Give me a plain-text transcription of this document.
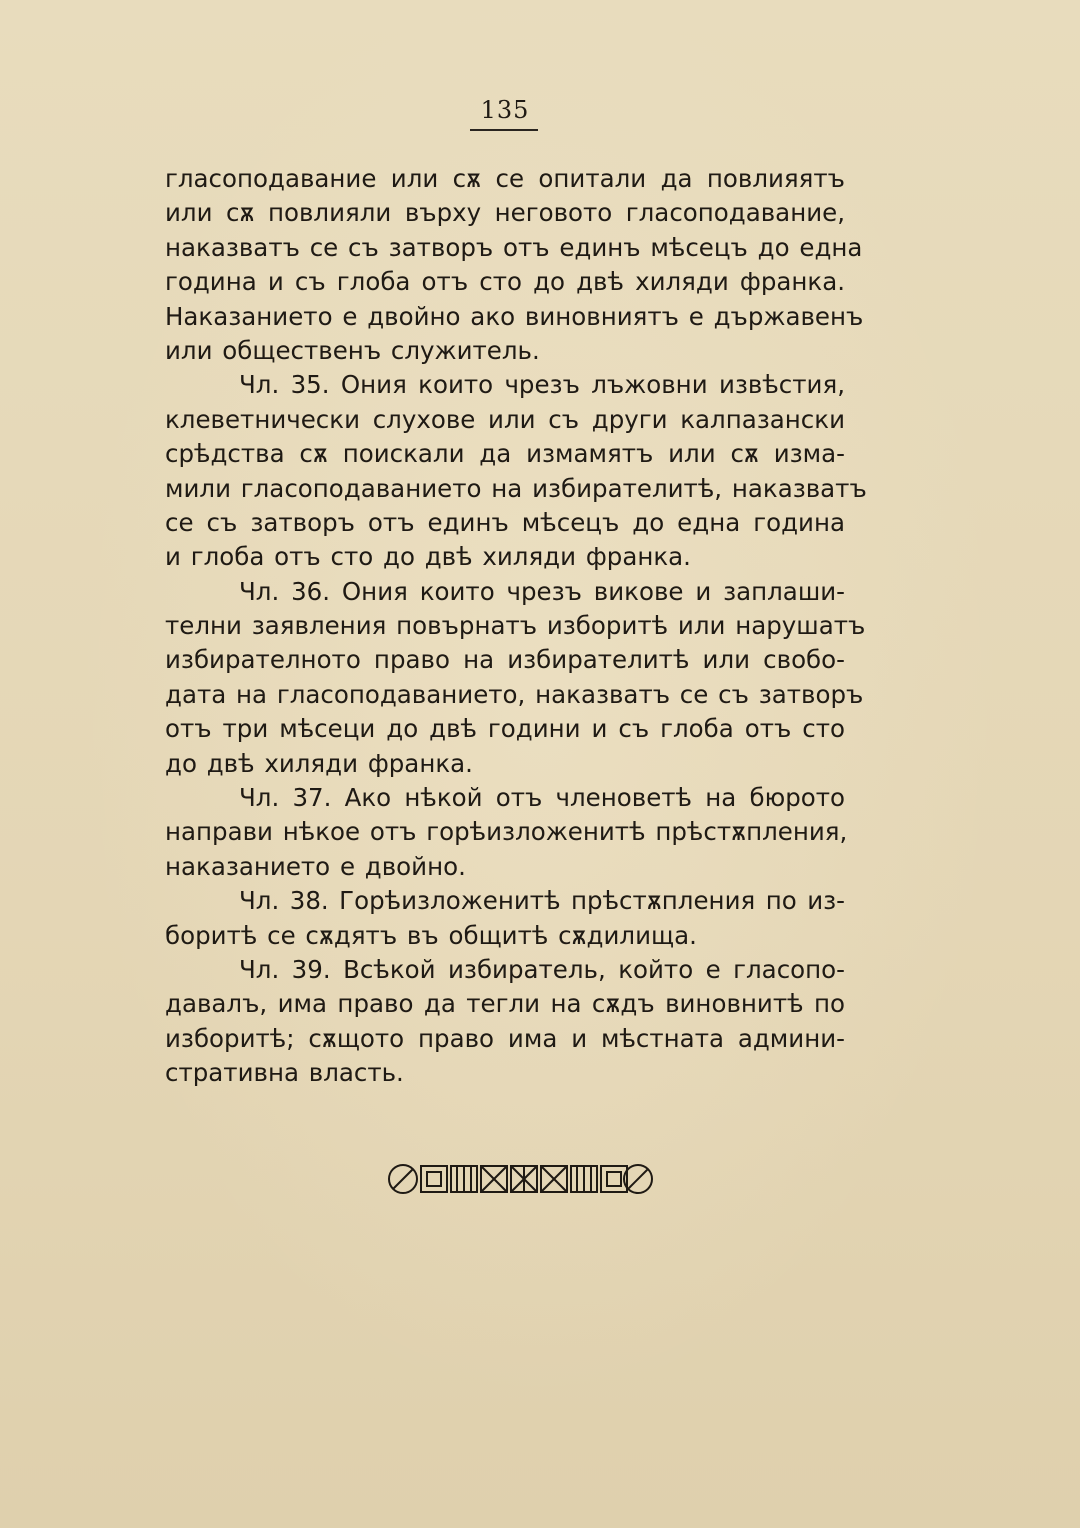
135
гласоподавание или сѫ се опитали да повлияятъ
или сѫ повлияли върху неговото гласоподавание,
наказватъ се съ затворъ отъ единъ мѣсецъ до една
година и съ глоба отъ сто до двѣ хиляди франка.
Наказанието е двойно ако виновниятъ е държавенъ
или общественъ служитель.
Чл. 35. Ония които чрезъ лъжовни извѣстия,
клеветнически слухове или съ други калпазански
срѣдства сѫ поискали да измамятъ или сѫ изма-
мили гласоподаванието на избирателитѣ, наказватъ
се съ затворъ отъ единъ мѣсецъ до една година
и глоба отъ сто до двѣ хиляди франка.
Чл. 36. Ония които чрезъ викове и заплаши-
телни заявления повърнатъ изборитѣ или нарушатъ
избирателното право на избирателитѣ или свобо-
дата на гласоподаванието, наказватъ се съ затворъ
отъ три мѣсеци до двѣ години и съ глоба отъ сто
до двѣ хиляди франка.
Чл. 37. Ако нѣкой отъ членоветѣ на бюрото
направи нѣкое отъ горѣизложенитѣ прѣстѫпления,
наказанието е двойно.
Чл. 38. Горѣизложенитѣ прѣстѫпления по из-
боритѣ се сѫдятъ въ общитѣ сѫдилища.
Чл. 39. Всѣкой избиратель, който е гласопо-
давалъ, има право да тегли на сѫдъ виновнитѣ по
изборитѣ; сѫщото право има и мѣстната админи-
стративна власть.
